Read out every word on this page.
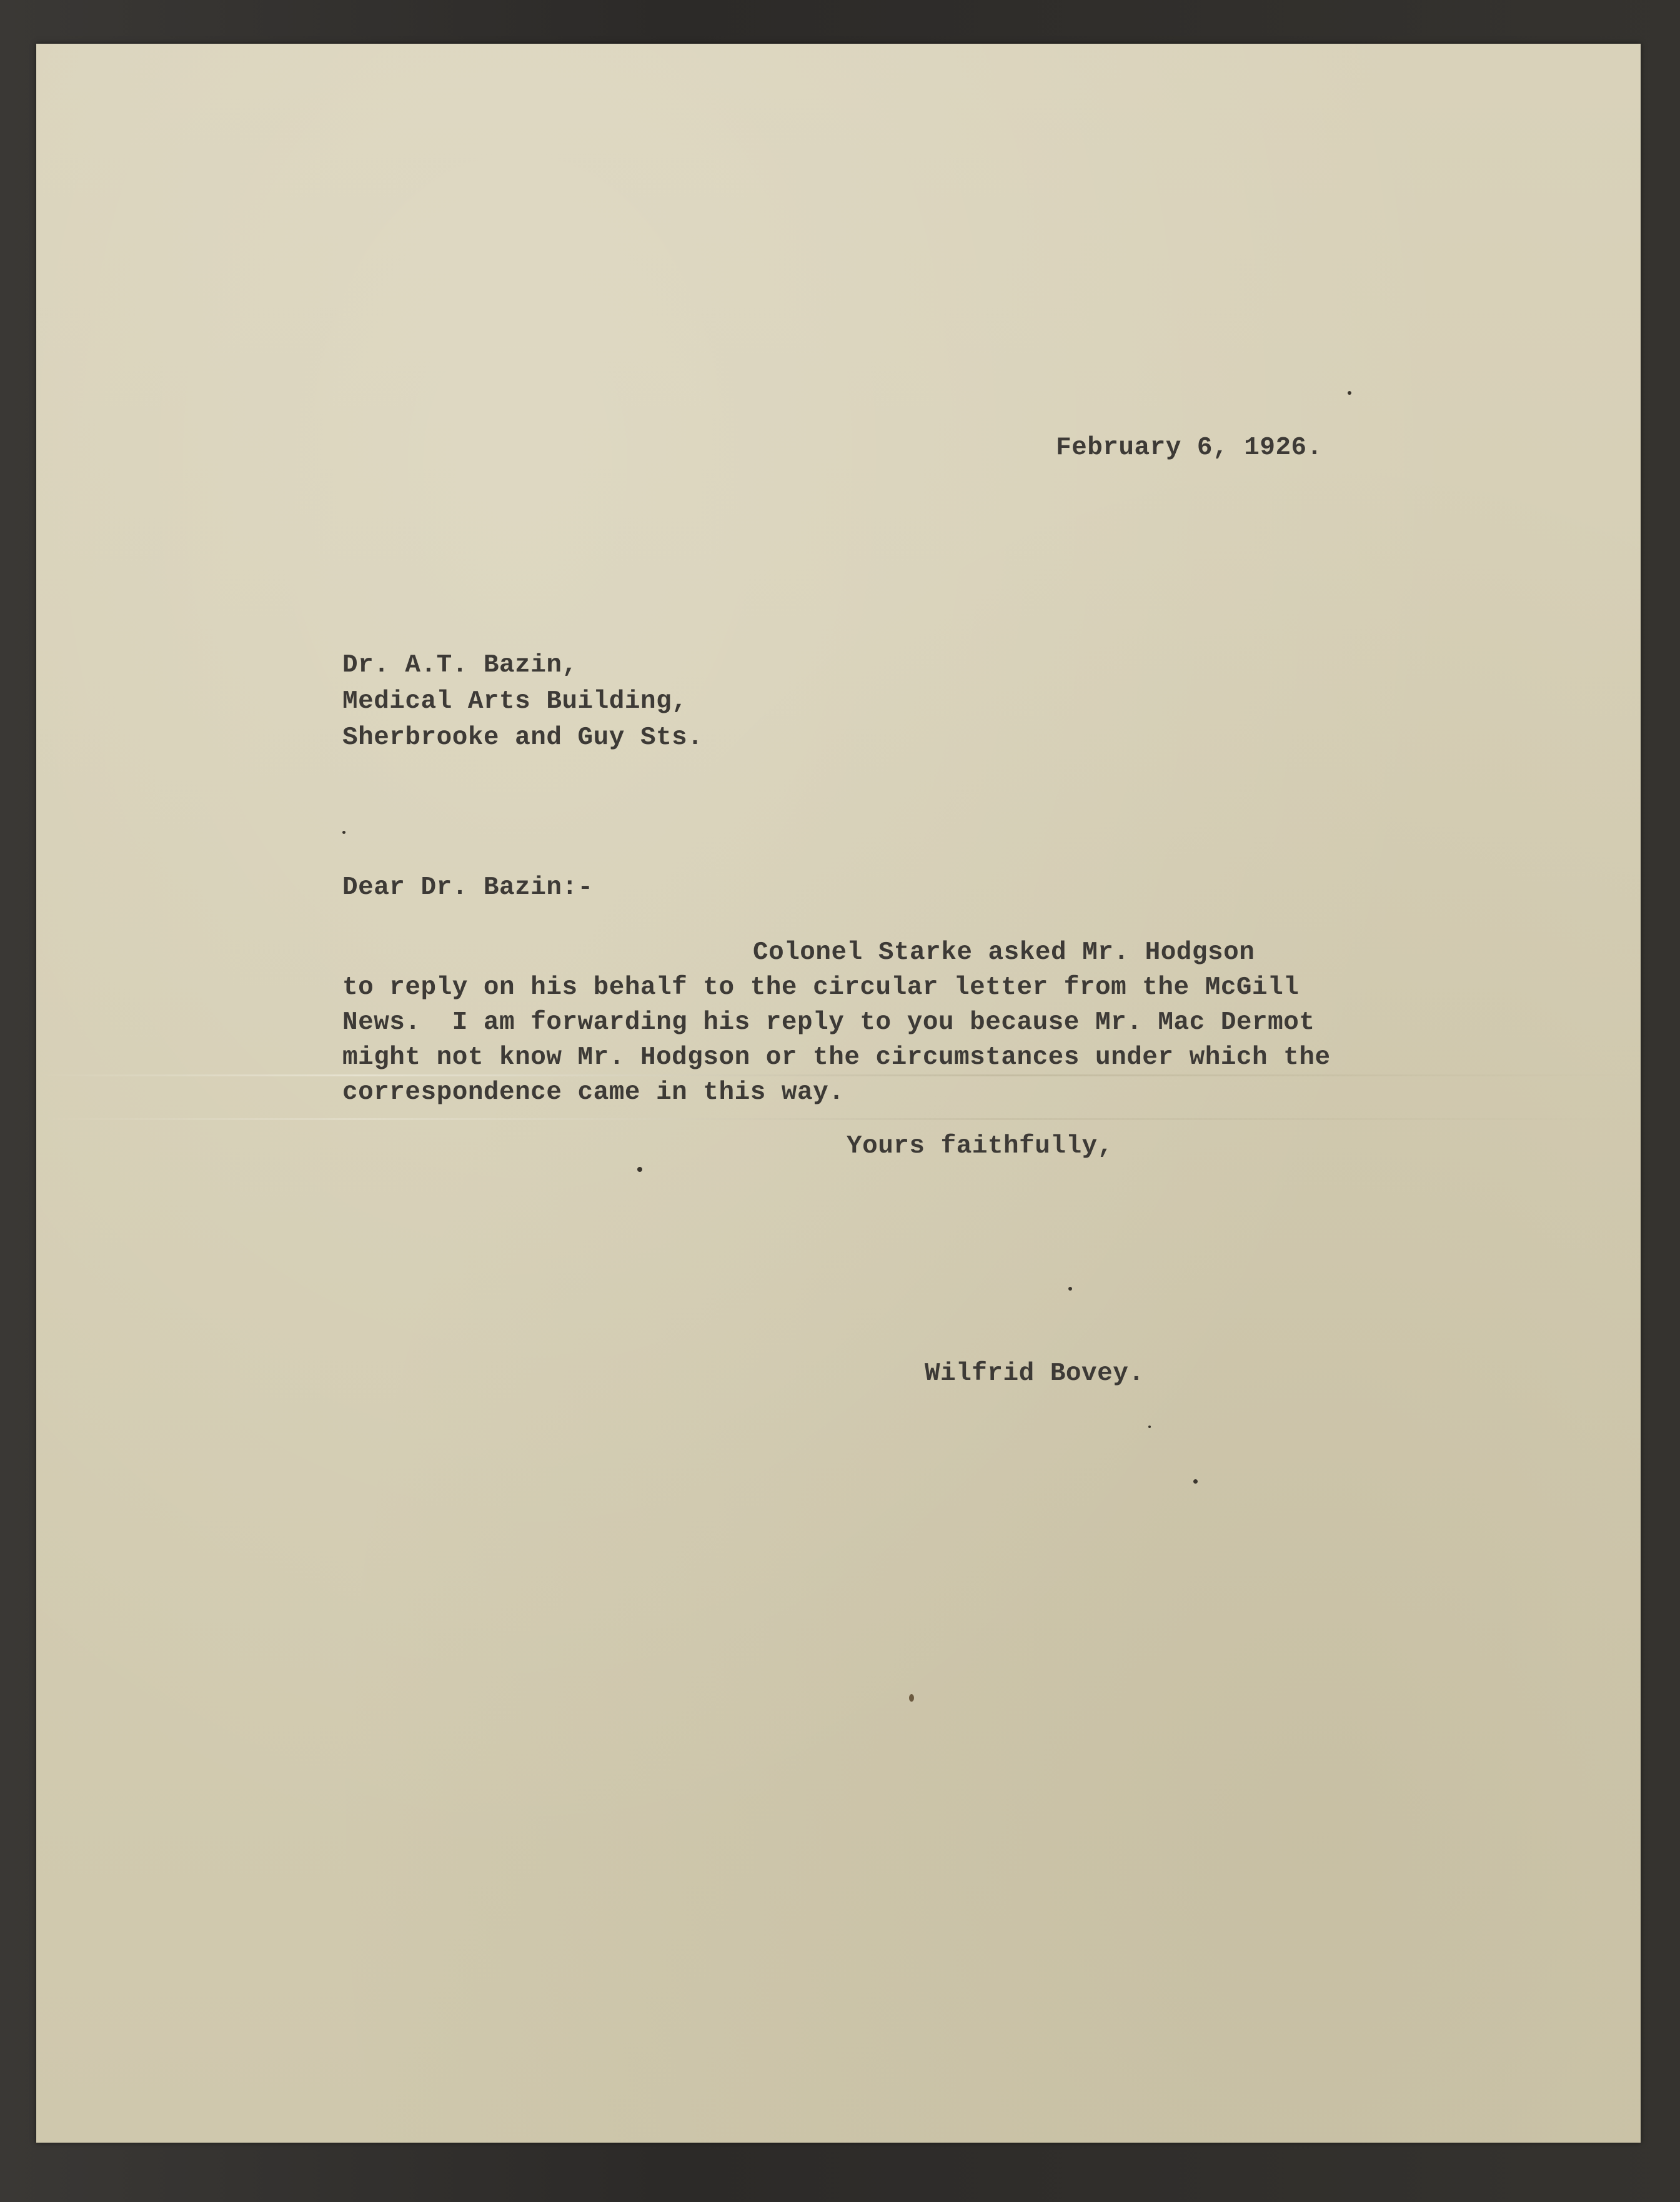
February 6, 1926.

Dr. A.T. Bazin,

Medical Arts Building,

Sherbrooke and Guy Sts.

Dear Dr. Bazin:-

Colonel Starke asked Mr. Hodgson

to reply on his behalf to the circular letter from the McGill

News.  I am forwarding his reply to you because Mr. Mac Dermot

might not know Mr. Hodgson or the circumstances under which the

correspondence came in this way.

Yours faithfully,

Wilfrid Bovey.
